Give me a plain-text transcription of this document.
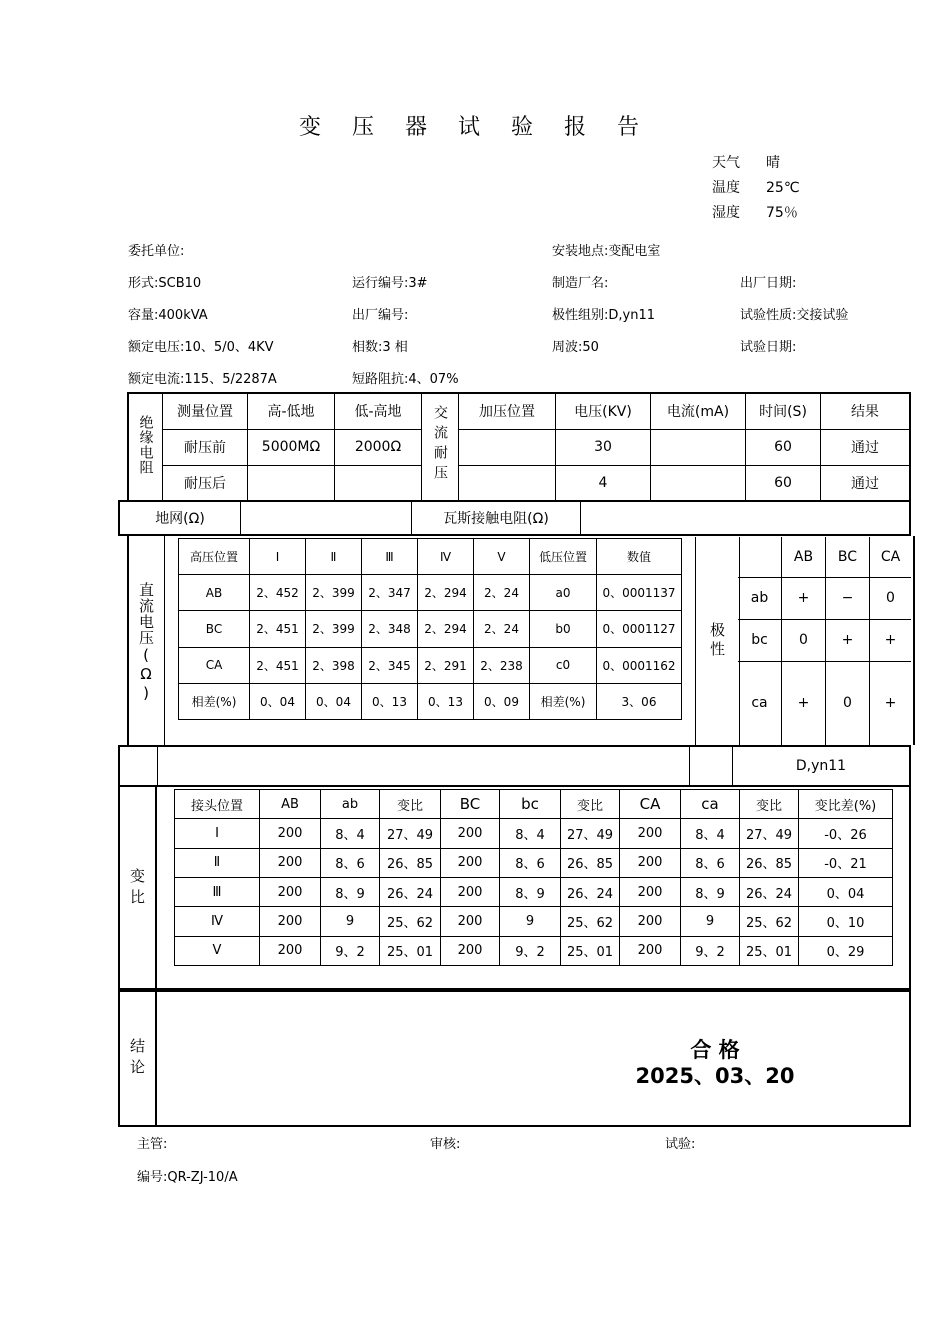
变 压 器 试 验 报 告
天气 晴
温度 25℃
湿度 75％
委托单位:	安装地点:变配电室
形式:SCB10	运行编号:3#	制造厂名:	出厂日期:
容量:400kVA	出厂编号:	极性组别:D,yn11	试验性质:交接试验
额定电压:10、5/0、4KV	相数:3 相	周波:50	试验日期:
额定电流:115、5/2287A	短路阻抗:4、07%
绝缘电阻	测量位置	高-低地	低-高地	交流耐压	加压位置	电压(KV)	电流(mA)	时间(S)	结果
	耐压前	5000MΩ	2000Ω			30		60	通过
	耐压后					4		60	通过
地网(Ω)		瓦斯接触电阻(Ω)	
直流电压(Ω)
高压位置	Ⅰ	Ⅱ	Ⅲ	Ⅳ	Ⅴ	低压位置	数值
AB	2、452	2、399	2、347	2、294	2、24	a0	0、0001137
BC	2、451	2、399	2、348	2、294	2、24	b0	0、0001127
CA	2、451	2、398	2、345	2、291	2、238	c0	0、0001162
相差(%)	0、04	0、04	0、13	0、13	0、09	相差(%)	3、06
极性
	AB	BC	CA
ab	+	−	0
bc	0	+	+
ca	+	0	+
			D,yn11
变比
接头位置	AB	ab	变比	BC	bc	变比	CA	ca	变比	变比差(%)
Ⅰ	200	8、4	27、49	200	8、4	27、49	200	8、4	27、49	-0、26
Ⅱ	200	8、6	26、85	200	8、6	26、85	200	8、6	26、85	-0、21
Ⅲ	200	8、9	26、24	200	8、9	26、24	200	8、9	26、24	0、04
Ⅳ	200	9	25、62	200	9	25、62	200	9	25、62	0、10
Ⅴ	200	9、2	25、01	200	9、2	25、01	200	9、2	25、01	0、29
结论	合 格
2025、03、20
主管:	审核:	试验:
编号:QR-ZJ-10/A
